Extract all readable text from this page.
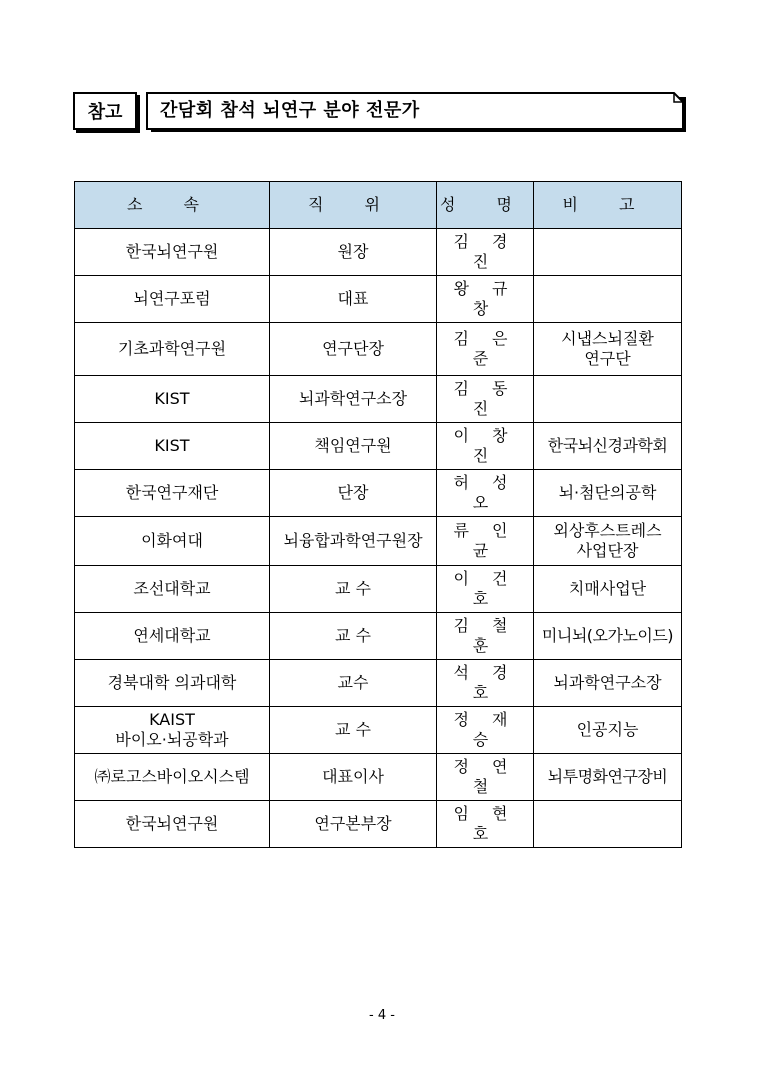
참고 간담회 참석 뇌연구 분야 전문가
소 속	직 위	성 명	비 고
한국뇌연구원	원장	김 경 진	
뇌연구포럼	대표	왕 규 창	
기초과학연구원	연구단장	김 은 준	시냅스뇌질환
연구단
KIST	뇌과학연구소장	김 동 진	
KIST	책임연구원	이 창 진	한국뇌신경과학회
한국연구재단	단장	허 성 오	뇌·첨단의공학
이화여대	뇌융합과학연구원장	류 인 균	외상후스트레스
사업단장
조선대학교	교 수	이 건 호	치매사업단
연세대학교	교 수	김 철 훈	미니뇌(오가노이드)
경북대학 의과대학	교수	석 경 호	뇌과학연구소장
KAIST
바이오·뇌공학과	교 수	정 재 승	인공지능
㈜로고스바이오시스템	대표이사	정 연 철	뇌투명화연구장비
한국뇌연구원	연구본부장	임 현 호	
- 4 -
